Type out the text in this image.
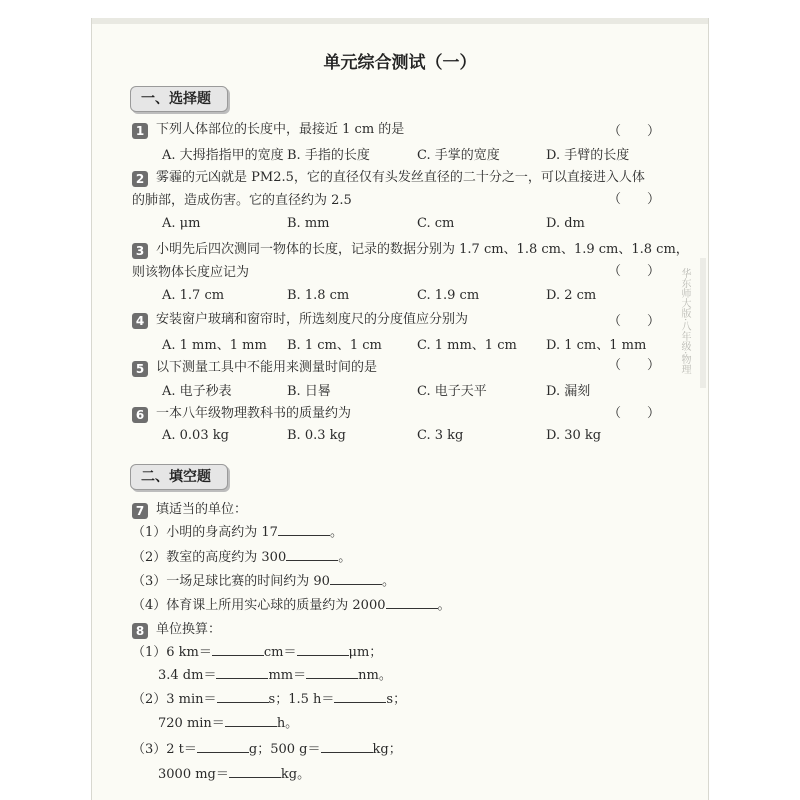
单元综合测试（一）
一、选择题
1 下列人体部位的长度中，最接近 1 cm 的是	（　　）
A. 大拇指指甲的宽度 B. 手指的长度	C. 手掌的宽度	D. 手臂的长度
2 雾霾的元凶就是 PM2.5，它的直径仅有头发丝直径的二十分之一，可以直接进入人体
的肺部，造成伤害。它的直径约为 2.5	（　　）
A. μm	B. mm	C. cm	D. dm
3 小明先后四次测同一物体的长度，记录的数据分别为 1.7 cm、1.8 cm、1.9 cm、1.8 cm，
则该物体长度应记为	（　　）
A. 1.7 cm	B. 1.8 cm	C. 1.9 cm	D. 2 cm
4 安装窗户玻璃和窗帘时，所选刻度尺的分度值应分别为	（　　）
A. 1 mm、1 mm B. 1 cm、1 cm	C. 1 mm、1 cm D. 1 cm、1 mm
5 以下测量工具中不能用来测量时间的是	（　　）
A. 电子秒表	B. 日晷	C. 电子天平	D. 漏刻
6 一本八年级物理教科书的质量约为	（　　）
A. 0.03 kg	B. 0.3 kg	C. 3 kg	D. 30 kg
二、填空题
7 填适当的单位：
（1）小明的身高约为 17	。
（2）教室的高度约为 300	。
（3）一场足球比赛的时间约为 90	。
（4）体育课上所用实心球的质量约为 2000	。
8 单位换算：
（1）6 km＝	cm＝	μm；
3.4 dm＝	mm＝	nm。
（2）3 min＝	s；1.5 h＝	s；
720 min＝	h。
（3）2 t＝	g；500 g＝	kg；
3000 mg＝	kg。
华东师大版·八年级·物理
